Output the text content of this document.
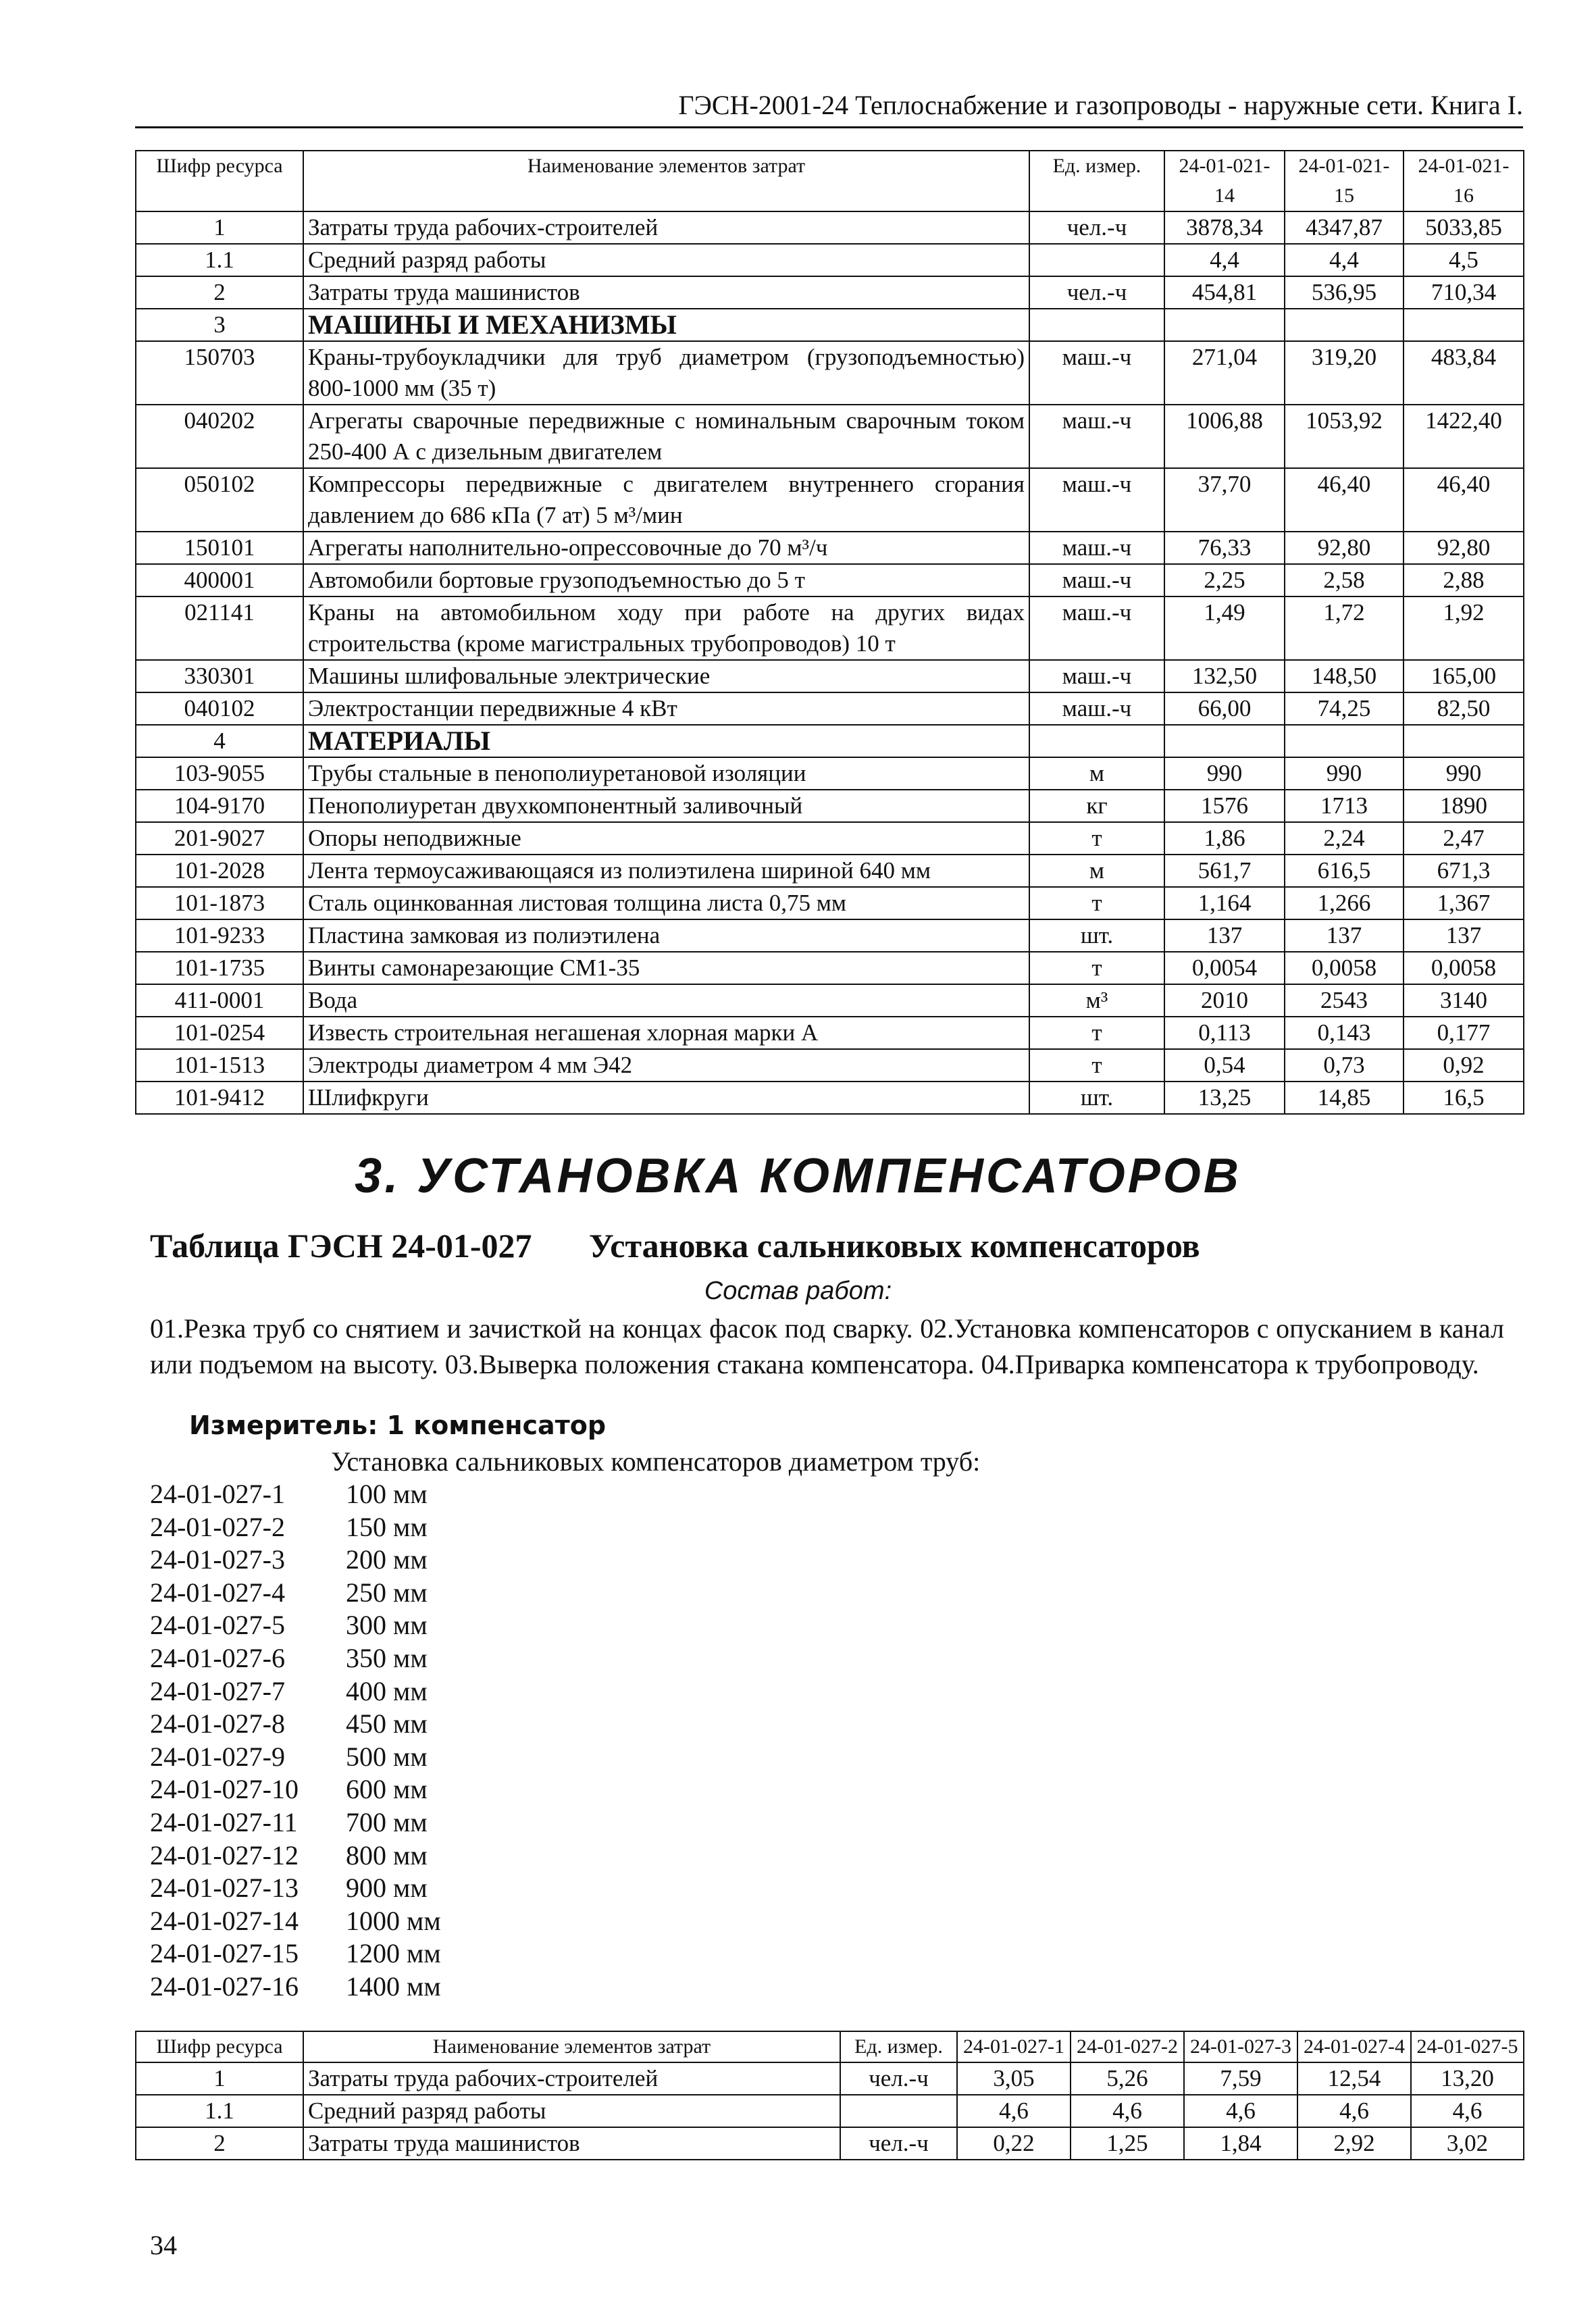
ГЭСН-2001-24 Теплоснабжение и газопроводы - наружные сети. Книга I.
Шифр ресурса	Наименование элементов затрат	Ед. измер.	24-01-021-14	24-01-021-15	24-01-021-16
1	Затраты труда рабочих-строителей	чел.-ч	3878,34	4347,87	5033,85
1.1	Средний разряд работы		4,4	4,4	4,5
2	Затраты труда машинистов	чел.-ч	454,81	536,95	710,34
3	МАШИНЫ И МЕХАНИЗМЫ				
150703	Краны-трубоукладчики для труб диаметром (грузоподъемностью) 800-1000 мм (35 т)	маш.-ч	271,04	319,20	483,84
040202	Агрегаты сварочные передвижные с номинальным сварочным током 250-400 А с дизельным двигателем	маш.-ч	1006,88	1053,92	1422,40
050102	Компрессоры передвижные с двигателем внутреннего сгорания давлением до 686 кПа (7 ат) 5 м³/мин	маш.-ч	37,70	46,40	46,40
150101	Агрегаты наполнительно-опрессовочные до 70 м³/ч	маш.-ч	76,33	92,80	92,80
400001	Автомобили бортовые грузоподъемностью до 5 т	маш.-ч	2,25	2,58	2,88
021141	Краны на автомобильном ходу при работе на других видах строительства (кроме магистральных трубопроводов) 10 т	маш.-ч	1,49	1,72	1,92
330301	Машины шлифовальные электрические	маш.-ч	132,50	148,50	165,00
040102	Электростанции передвижные 4 кВт	маш.-ч	66,00	74,25	82,50
4	МАТЕРИАЛЫ				
103-9055	Трубы стальные в пенополиуретановой изоляции	м	990	990	990
104-9170	Пенополиуретан двухкомпонентный заливочный	кг	1576	1713	1890
201-9027	Опоры неподвижные	т	1,86	2,24	2,47
101-2028	Лента термоусаживающаяся из полиэтилена шириной 640 мм	м	561,7	616,5	671,3
101-1873	Сталь оцинкованная листовая толщина листа 0,75 мм	т	1,164	1,266	1,367
101-9233	Пластина замковая из полиэтилена	шт.	137	137	137
101-1735	Винты самонарезающие СМ1-35	т	0,0054	0,0058	0,0058
411-0001	Вода	м³	2010	2543	3140
101-0254	Известь строительная негашеная хлорная марки А	т	0,113	0,143	0,177
101-1513	Электроды диаметром 4 мм Э42	т	0,54	0,73	0,92
101-9412	Шлифкруги	шт.	13,25	14,85	16,5
3. УСТАНОВКА КОМПЕНСАТОРОВ
Таблица ГЭСН 24-01-027 Установка сальниковых компенсаторов
Состав работ:
01.Резка труб со снятием и зачисткой на концах фасок под сварку. 02.Установка компенсаторов с опусканием в канал или подъемом на высоту. 03.Выверка положения стакана компенсатора. 04.Приварка компенсатора к трубопроводу.
Измеритель: 1 компенсатор
Установка сальниковых компенсаторов диаметром труб:
24-01-027-1	100 мм
24-01-027-2	150 мм
24-01-027-3	200 мм
24-01-027-4	250 мм
24-01-027-5	300 мм
24-01-027-6	350 мм
24-01-027-7	400 мм
24-01-027-8	450 мм
24-01-027-9	500 мм
24-01-027-10	600 мм
24-01-027-11	700 мм
24-01-027-12	800 мм
24-01-027-13	900 мм
24-01-027-14	1000 мм
24-01-027-15	1200 мм
24-01-027-16	1400 мм
Шифр ресурса	Наименование элементов затрат	Ед. измер.	24-01-027-1	24-01-027-2	24-01-027-3	24-01-027-4	24-01-027-5
1	Затраты труда рабочих-строителей	чел.-ч	3,05	5,26	7,59	12,54	13,20
1.1	Средний разряд работы		4,6	4,6	4,6	4,6	4,6
2	Затраты труда машинистов	чел.-ч	0,22	1,25	1,84	2,92	3,02
34
